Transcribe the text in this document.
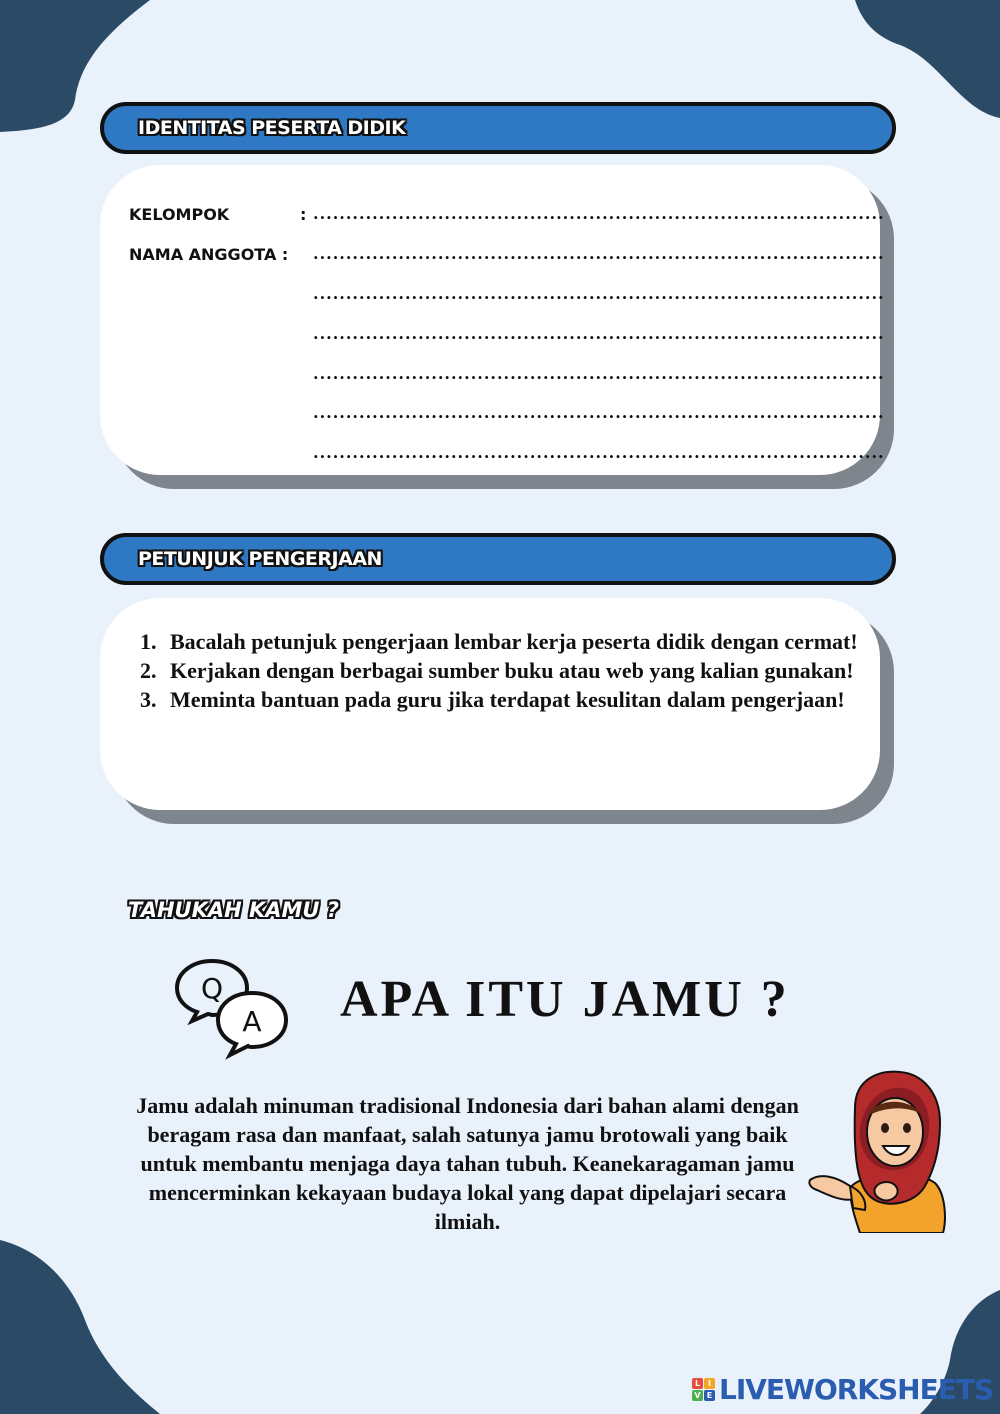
IDENTITAS PESERTA DIDIK
KELOMPOK	: .......................................................................................
NAMA ANGGOTA : .......................................................................................
.......................................................................................
.......................................................................................
.......................................................................................
.......................................................................................
.......................................................................................
PETUNJUK PENGERJAAN
1. Bacalah petunjuk pengerjaan lembar kerja peserta didik dengan cermat!
2. Kerjakan dengan berbagai sumber buku atau web yang kalian gunakan!
3. Meminta bantuan pada guru jika terdapat kesulitan dalam pengerjaan!
TAHUKAH KAMU ?
Q
A APA ITU JAMU ?

Jamu adalah minuman tradisional Indonesia dari bahan alami dengan beragam rasa dan manfaat, salah satunya jamu brotowali yang baik untuk membantu menjaga daya tahan tubuh. Keanekaragaman jamu mencerminkan kekayaan budaya lokal yang dapat dipelajari secara ilmiah.

L I
V E LIVEWORKSHEETS
